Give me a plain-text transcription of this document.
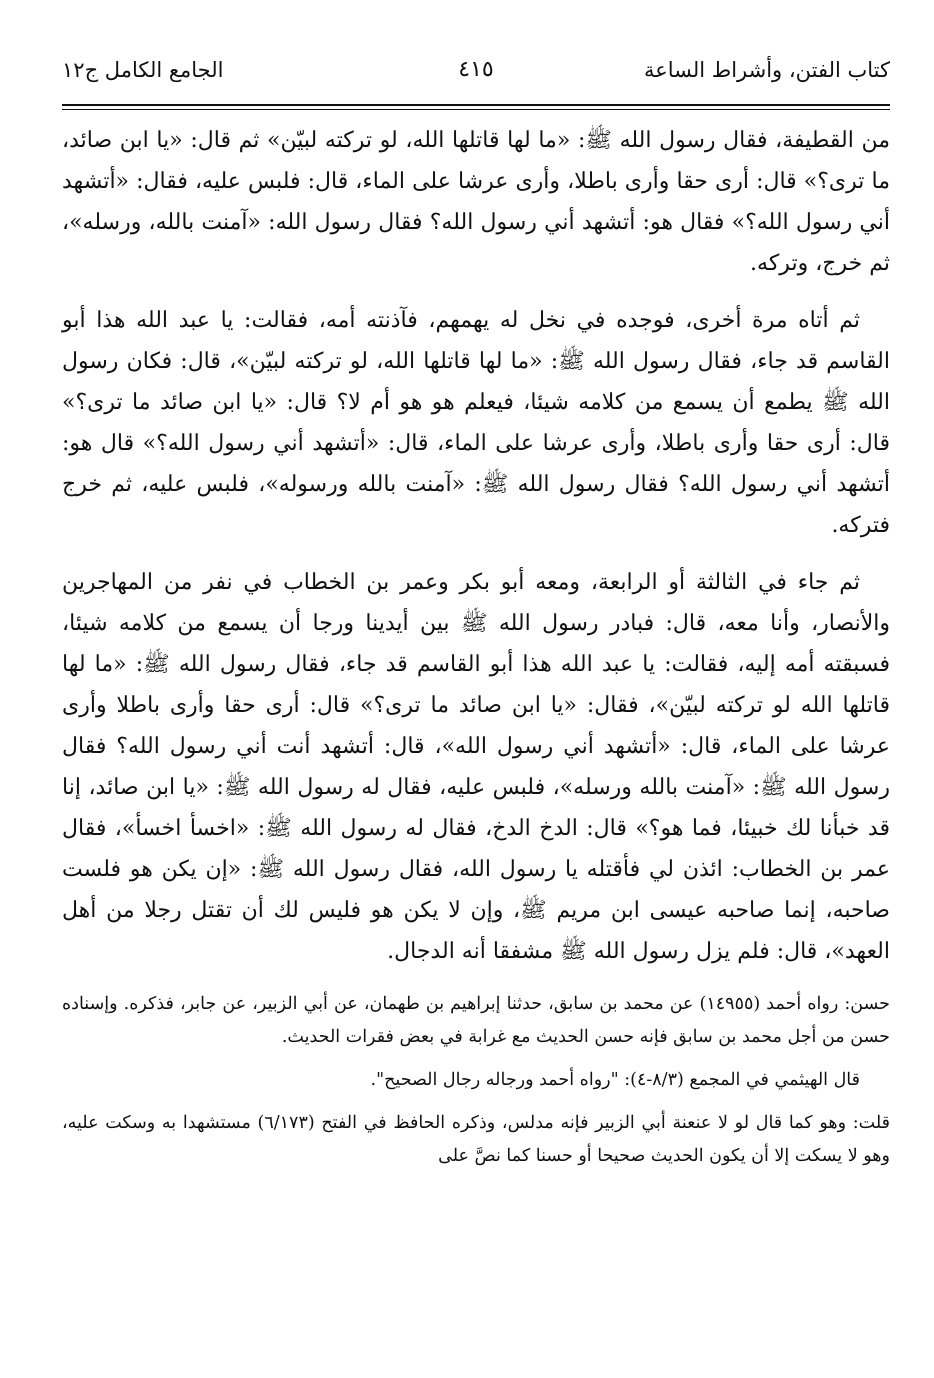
كتاب الفتن، وأشراط الساعة
٤١٥
الجامع الكامل ج١٢

من القطيفة، فقال رسول الله ﷺ: «ما لها قاتلها الله، لو تركته لبيّن» ثم قال: «يا ابن صائد، ما ترى؟» قال: أرى حقا وأرى باطلا، وأرى عرشا على الماء، قال: فلبس عليه، فقال: «أتشهد أني رسول الله؟» فقال هو: أتشهد أني رسول الله؟ فقال رسول الله: «آمنت بالله، ورسله»، ثم خرج، وتركه.

ثم أتاه مرة أخرى، فوجده في نخل له يهمهم، فآذنته أمه، فقالت: يا عبد الله هذا أبو القاسم قد جاء، فقال رسول الله ﷺ: «ما لها قاتلها الله، لو تركته لبيّن»، قال: فكان رسول الله ﷺ يطمع أن يسمع من كلامه شيئا، فيعلم هو هو أم لا؟ قال: «يا ابن صائد ما ترى؟» قال: أرى حقا وأرى باطلا، وأرى عرشا على الماء، قال: «أتشهد أني رسول الله؟» قال هو: أتشهد أني رسول الله؟ فقال رسول الله ﷺ: «آمنت بالله ورسوله»، فلبس عليه، ثم خرج فتركه.

ثم جاء في الثالثة أو الرابعة، ومعه أبو بكر وعمر بن الخطاب في نفر من المهاجرين والأنصار، وأنا معه، قال: فبادر رسول الله ﷺ بين أيدينا ورجا أن يسمع من كلامه شيئا، فسبقته أمه إليه، فقالت: يا عبد الله هذا أبو القاسم قد جاء، فقال رسول الله ﷺ: «ما لها قاتلها الله لو تركته لبيّن»، فقال: «يا ابن صائد ما ترى؟» قال: أرى حقا وأرى باطلا وأرى عرشا على الماء، قال: «أتشهد أني رسول الله»، قال: أتشهد أنت أني رسول الله؟ فقال رسول الله ﷺ: «آمنت بالله ورسله»، فلبس عليه، فقال له رسول الله ﷺ: «يا ابن صائد، إنا قد خبأنا لك خبيئا، فما هو؟» قال: الدخ الدخ، فقال له رسول الله ﷺ: «اخسأ اخسأ»، فقال عمر بن الخطاب: ائذن لي فأقتله يا رسول الله، فقال رسول الله ﷺ: «إن يكن هو فلست صاحبه، إنما صاحبه عيسى ابن مريم ﷺ، وإن لا يكن هو فليس لك أن تقتل رجلا من أهل العهد»، قال: فلم يزل رسول الله ﷺ مشفقا أنه الدجال.

حسن: رواه أحمد (١٤٩٥٥) عن محمد بن سابق، حدثنا إبراهيم بن طهمان، عن أبي الزبير، عن جابر، فذكره. وإسناده حسن من أجل محمد بن سابق فإنه حسن الحديث مع غرابة في بعض فقرات الحديث.

قال الهيثمي في المجمع (٨/٣-٤): "رواه أحمد ورجاله رجال الصحيح".

قلت: وهو كما قال لو لا عنعنة أبي الزبير فإنه مدلس، وذكره الحافظ في الفتح (٦/١٧٣) مستشهدا به وسكت عليه، وهو لا يسكت إلا أن يكون الحديث صحيحا أو حسنا كما نصَّ على
